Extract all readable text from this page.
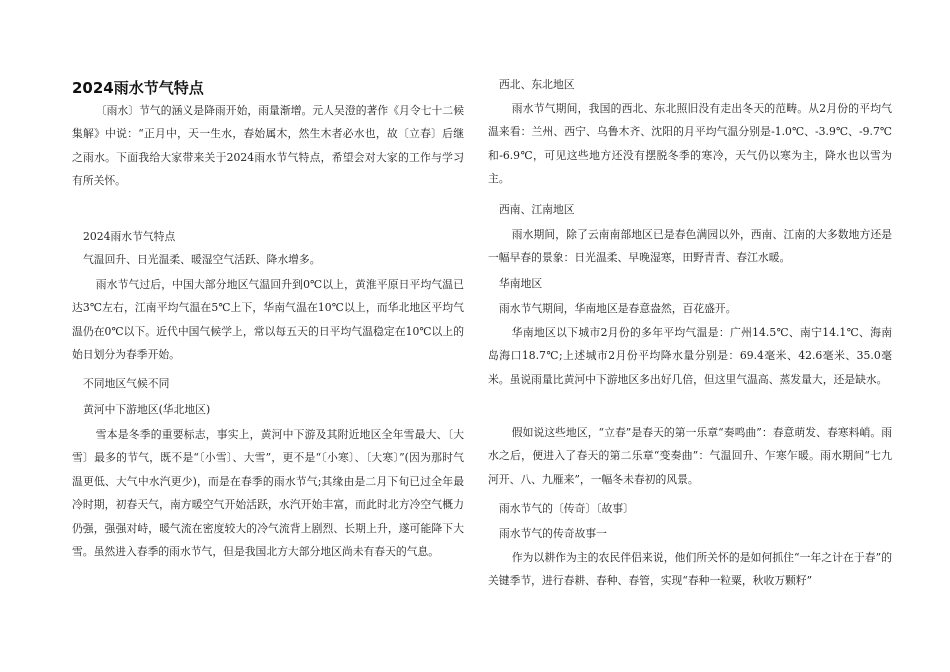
2024雨水节气特点

〔雨水〕节气的涵义是降雨开始，雨量渐增。元人吴澄的著作《月令七十二候集解》中说：“正月中，天一生水，春始属木，然生木者必水也，故〔立春〕后继之雨水。下面我给大家带来关于2024雨水节气特点，希望会对大家的工作与学习有所关怀。

2024雨水节气特点
气温回升、日光温柔、暖湿空气活跃、降水增多。

雨水节气过后，中国大部分地区气温回升到0℃以上，黄淮平原日平均气温已达3℃左右，江南平均气温在5℃上下，华南气温在10℃以上，而华北地区平均气温仍在0℃以下。近代中国气候学上，常以每五天的日平均气温稳定在10℃以上的始日划分为春季开始。

不同地区气候不同
黄河中下游地区(华北地区)

雪本是冬季的重要标志，事实上，黄河中下游及其附近地区全年雪最大、〔大雪〕最多的节气，既不是“〔小雪〕、大雪”，更不是“〔小寒〕、〔大寒〕”(因为那时气温更低、大气中水汽更少)，而是在春季的雨水节气;其缘由是二月下旬已过全年最冷时期，初春天气，南方暖空气开始活跃，水汽开始丰富，而此时北方冷空气概力仍强，强强对峙，暖气流在密度较大的冷气流背上剧烈、长期上升，遂可能降下大雪。虽然进入春季的雨水节气，但是我国北方大部分地区尚未有春天的气息。

西北、东北地区

雨水节气期间，我国的西北、东北照旧没有走出冬天的范畴。从2月份的平均气温来看：兰州、西宁、乌鲁木齐、沈阳的月平均气温分别是-1.0℃、-3.9℃、-9.7℃和-6.9℃，可见这些地方还没有摆脱冬季的寒冷，天气仍以寒为主，降水也以雪为主。

西南、江南地区

雨水期间，除了云南南部地区已是春色满园以外，西南、江南的大多数地方还是一幅早春的景象：日光温柔、早晚湿寒，田野青青、春江水暖。

华南地区
雨水节气期间，华南地区是春意盎然，百花盛开。

华南地区以下城市2月份的多年平均气温是：广州14.5℃、南宁14.1℃、海南岛海口18.7℃;上述城市2月份平均降水量分别是：69.4毫米、42.6毫米、35.0毫米。虽说雨量比黄河中下游地区多出好几倍，但这里气温高、蒸发量大，还是缺水。

假如说这些地区，“立春”是春天的第一乐章“奏鸣曲”：春意萌发、春寒料峭。雨水之后，便进入了春天的第二乐章“变奏曲”：气温回升、乍寒乍暖。雨水期间“七九河开、八、九雁来”，一幅冬未春初的风景。

雨水节气的〔传奇〕〔故事〕
雨水节气的传奇故事一

作为以耕作为主的农民伴侣来说，他们所关怀的是如何抓住“一年之计在于春”的关键季节，进行春耕、春种、春管，实现“春种一粒粟，秋收万颗籽”
